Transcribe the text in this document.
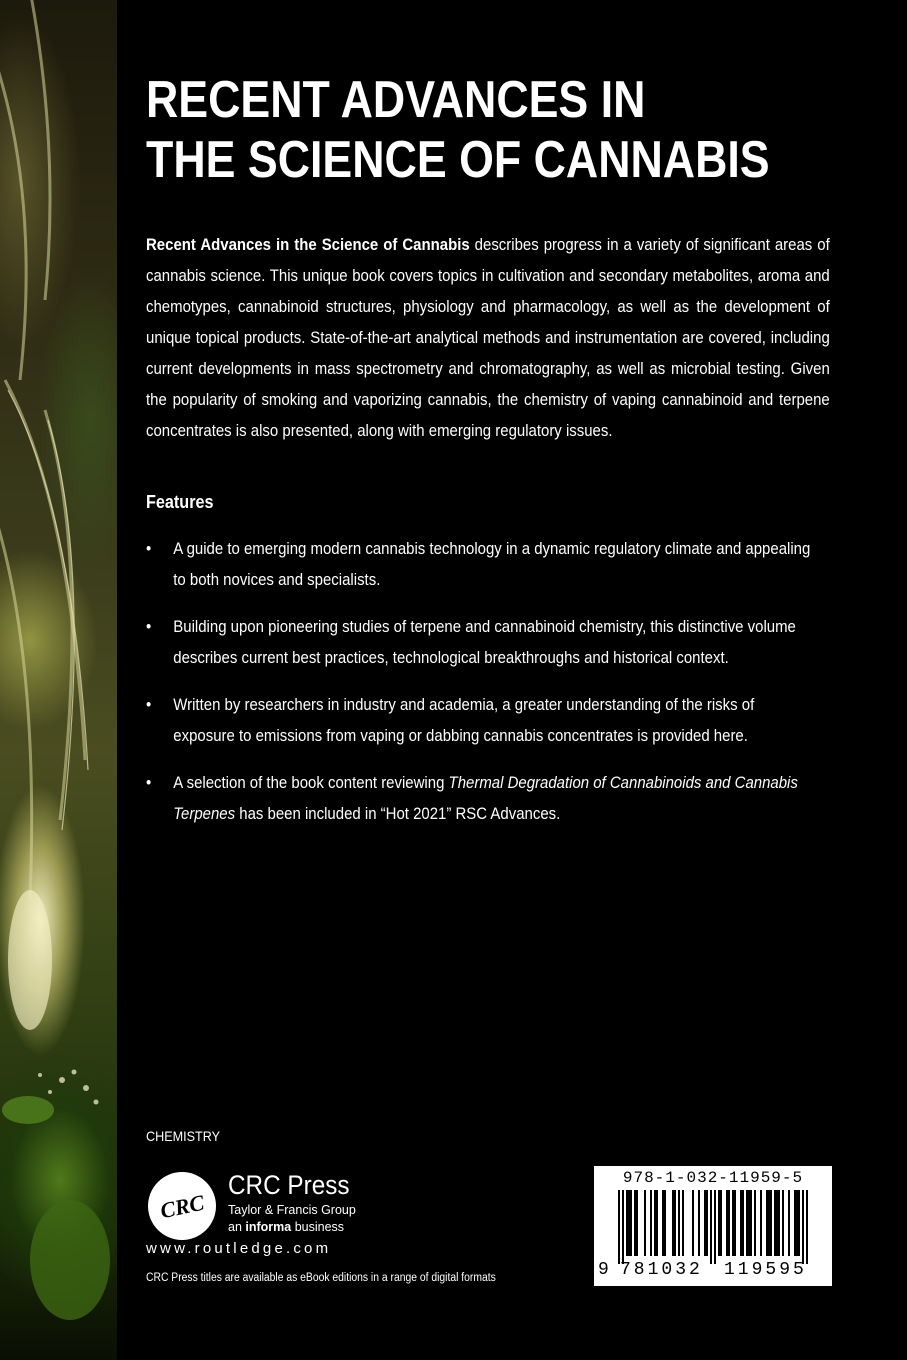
RECENT ADVANCES IN
THE SCIENCE OF CANNABIS

Recent Advances in the Science of Cannabis describes progress in a variety of significant areas of cannabis science. This unique book covers topics in cultivation and secondary metabolites, aroma and chemotypes, cannabinoid structures, physiology and pharmacology, as well as the development of unique topical products. State-of-the-art analytical methods and instrumentation are covered, including current developments in mass spectrometry and chromatography, as well as microbial testing. Given the popularity of smoking and vaporizing cannabis, the chemistry of vaping cannabinoid and terpene concentrates is also presented, along with emerging regulatory issues.

Features
• A guide to emerging modern cannabis technology in a dynamic regulatory climate and appealing to both novices and specialists.
• Building upon pioneering studies of terpene and cannabinoid chemistry, this distinctive volume describes current best practices, technological breakthroughs and historical context.
• Written by researchers in industry and academia, a greater understanding of the risks of exposure to emissions from vaping or dabbing cannabis concentrates is provided here.
• A selection of the book content reviewing Thermal Degradation of Cannabinoids and Cannabis Terpenes has been included in “Hot 2021” RSC Advances.

CHEMISTRY

CRC

CRC Press

Taylor & Francis Group

an informa business

www.routledge.com

CRC Press titles are available as eBook editions in a range of digital formats

978-1-032-11959-5
9 781032 119595
